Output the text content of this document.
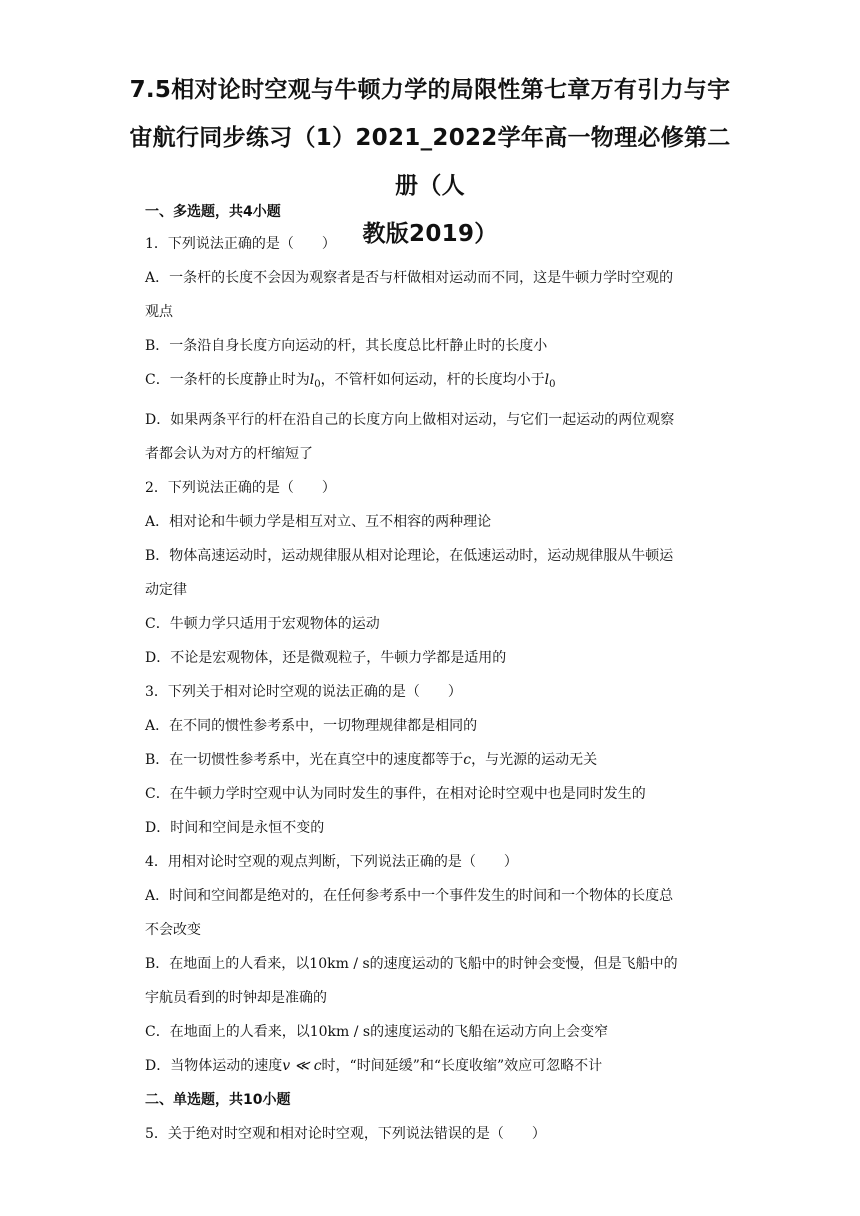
7.5相对论时空观与牛顿力学的局限性第七章万有引力与宇
宙航行同步练习（1）2021_2022学年高一物理必修第二册（人
教版2019）
一、多选题，共4小题
1．下列说法正确的是（　　）
A．一条杆的长度不会因为观察者是否与杆做相对运动而不同，这是牛顿力学时空观的
观点
B．一条沿自身长度方向运动的杆，其长度总比杆静止时的长度小
C．一条杆的长度静止时为$l_0$，不管杆如何运动，杆的长度均小于$l_0$
D．如果两条平行的杆在沿自己的长度方向上做相对运动，与它们一起运动的两位观察
者都会认为对方的杆缩短了
2．下列说法正确的是（　　）
A．相对论和牛顿力学是相互对立、互不相容的两种理论
B．物体高速运动时，运动规律服从相对论理论，在低速运动时，运动规律服从牛顿运
动定律
C．牛顿力学只适用于宏观物体的运动
D．不论是宏观物体，还是微观粒子，牛顿力学都是适用的
3．下列关于相对论时空观的说法正确的是（　　）
A．在不同的惯性参考系中，一切物理规律都是相同的
B．在一切惯性参考系中，光在真空中的速度都等于c，与光源的运动无关
C．在牛顿力学时空观中认为同时发生的事件，在相对论时空观中也是同时发生的
D．时间和空间是永恒不变的
4．用相对论时空观的观点判断，下列说法正确的是（　　）
A．时间和空间都是绝对的，在任何参考系中一个事件发生的时间和一个物体的长度总
不会改变
B．在地面上的人看来，以10km / s的速度运动的飞船中的时钟会变慢，但是飞船中的
宇航员看到的时钟却是准确的
C．在地面上的人看来，以10km / s的速度运动的飞船在运动方向上会变窄
D．当物体运动的速度v ≪ c时，“时间延缓”和“长度收缩”效应可忽略不计
二、单选题，共10小题
5．关于绝对时空观和相对论时空观，下列说法错误的是（　　）
